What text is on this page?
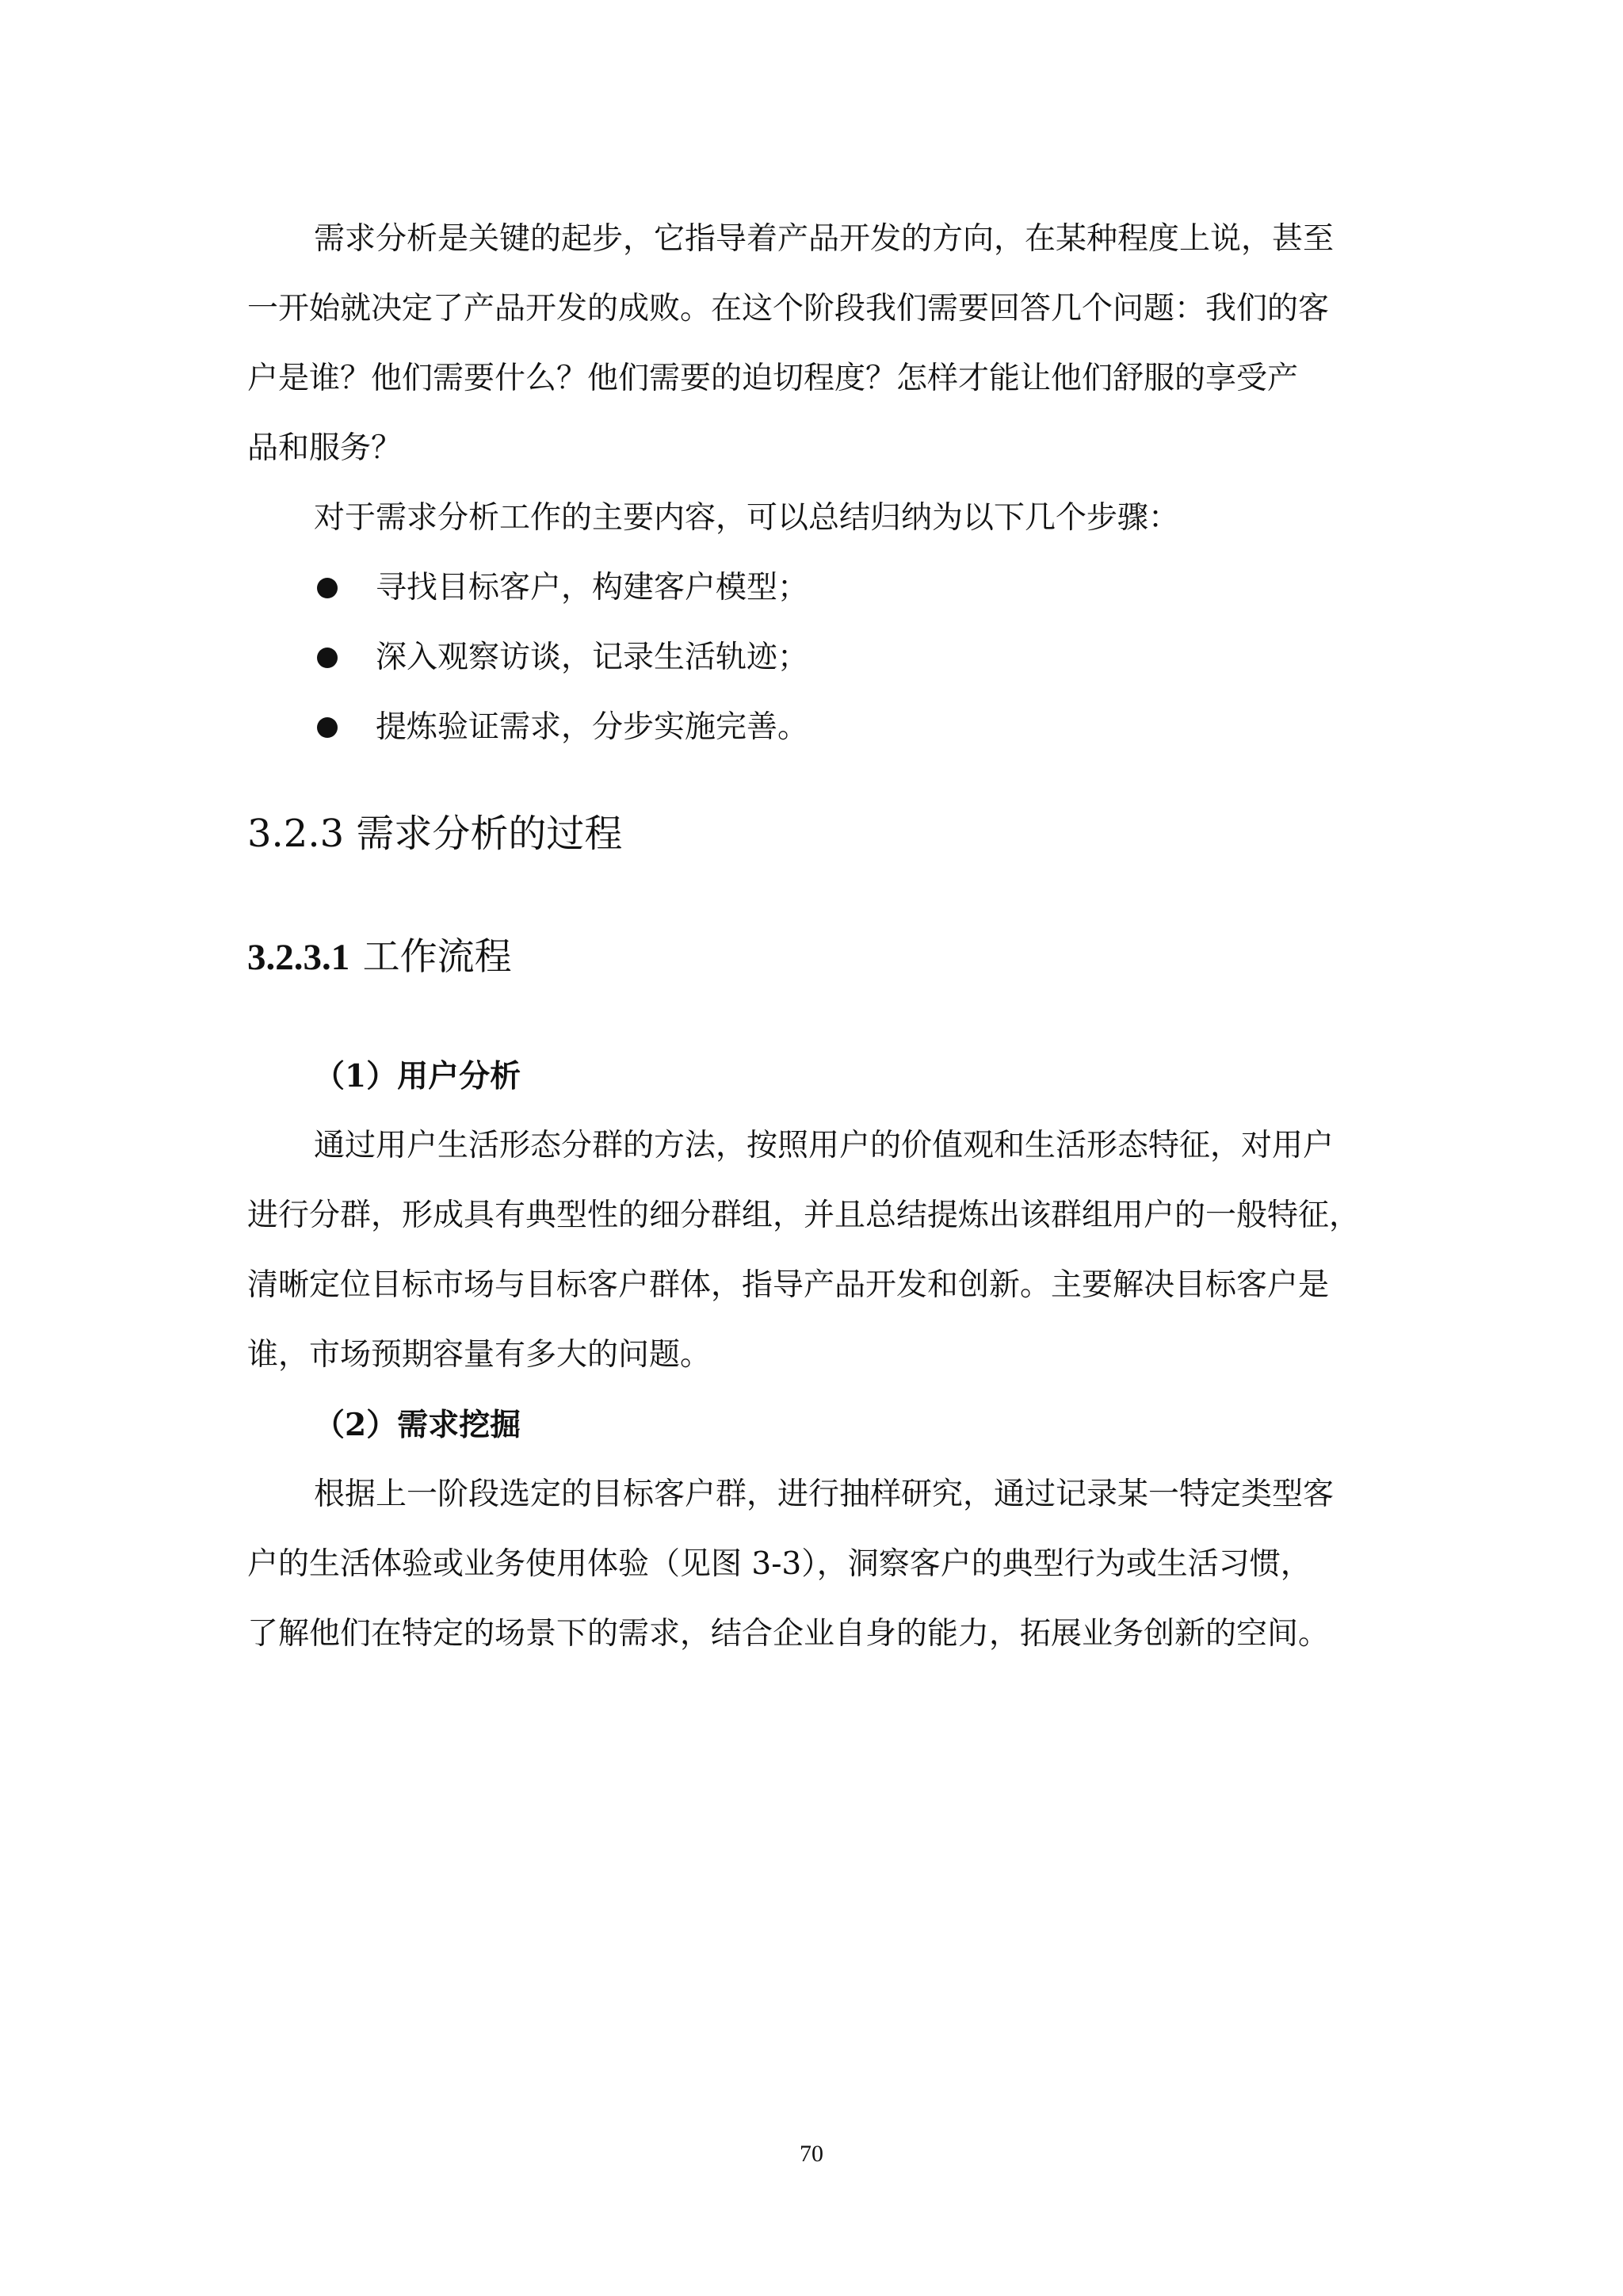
需求分析是关键的起步，它指导着产品开发的方向，在某种程度上说，甚至
一开始就决定了产品开发的成败。在这个阶段我们需要回答几个问题：我们的客
户是谁？他们需要什么？他们需要的迫切程度？怎样才能让他们舒服的享受产
品和服务？

对于需求分析工作的主要内容，可以总结归纳为以下几个步骤：

寻找目标客户，构建客户模型；
深入观察访谈，记录生活轨迹；
提炼验证需求，分步实施完善。
3.2.3 需求分析的过程
3.2.3.1 工作流程

（1）用户分析

通过用户生活形态分群的方法，按照用户的价值观和生活形态特征，对用户
进行分群，形成具有典型性的细分群组，并且总结提炼出该群组用户的一般特征，
清晰定位目标市场与目标客户群体，指导产品开发和创新。主要解决目标客户是
谁，市场预期容量有多大的问题。

（2）需求挖掘

根据上一阶段选定的目标客户群，进行抽样研究，通过记录某一特定类型客
户的生活体验或业务使用体验（见图 3-3），洞察客户的典型行为或生活习惯，
了解他们在特定的场景下的需求，结合企业自身的能力，拓展业务创新的空间。

70
